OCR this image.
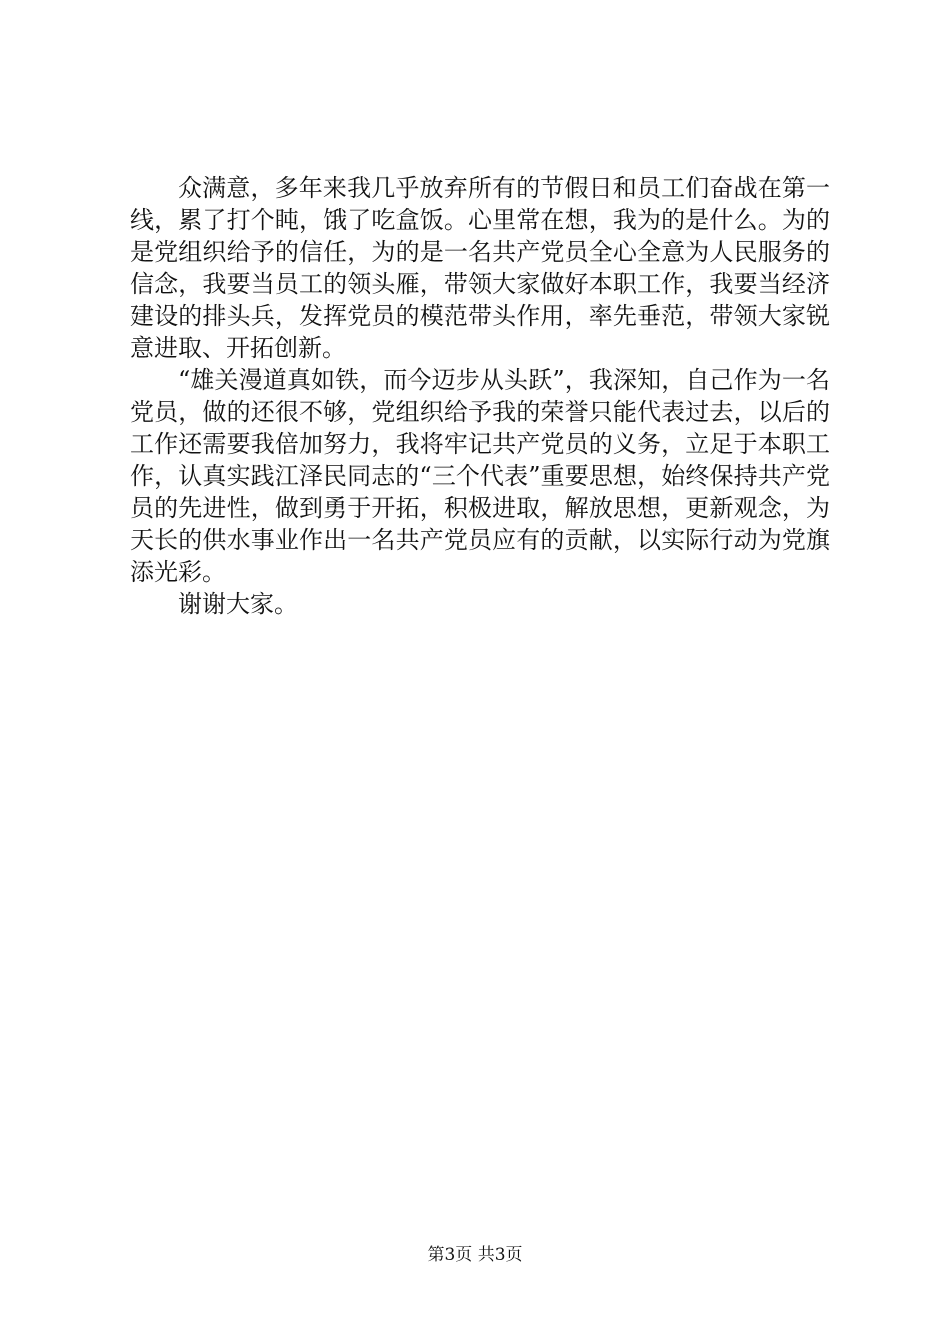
众满意，多年来我几乎放弃所有的节假日和员工们奋战在第一线，累了打个盹，饿了吃盒饭。心里常在想，我为的是什么。为的是党组织给予的信任，为的是一名共产党员全心全意为人民服务的信念，我要当员工的领头雁，带领大家做好本职工作，我要当经济建设的排头兵，发挥党员的模范带头作用，率先垂范，带领大家锐意进取、开拓创新。

“雄关漫道真如铁，而今迈步从头跃”，我深知，自己作为一名党员，做的还很不够，党组织给予我的荣誉只能代表过去，以后的工作还需要我倍加努力，我将牢记共产党员的义务，立足于本职工作，认真实践江泽民同志的“三个代表”重要思想，始终保持共产党员的先进性，做到勇于开拓，积极进取，解放思想，更新观念，为天长的供水事业作出一名共产党员应有的贡献，以实际行动为党旗添光彩。

谢谢大家。

第3页 共3页
